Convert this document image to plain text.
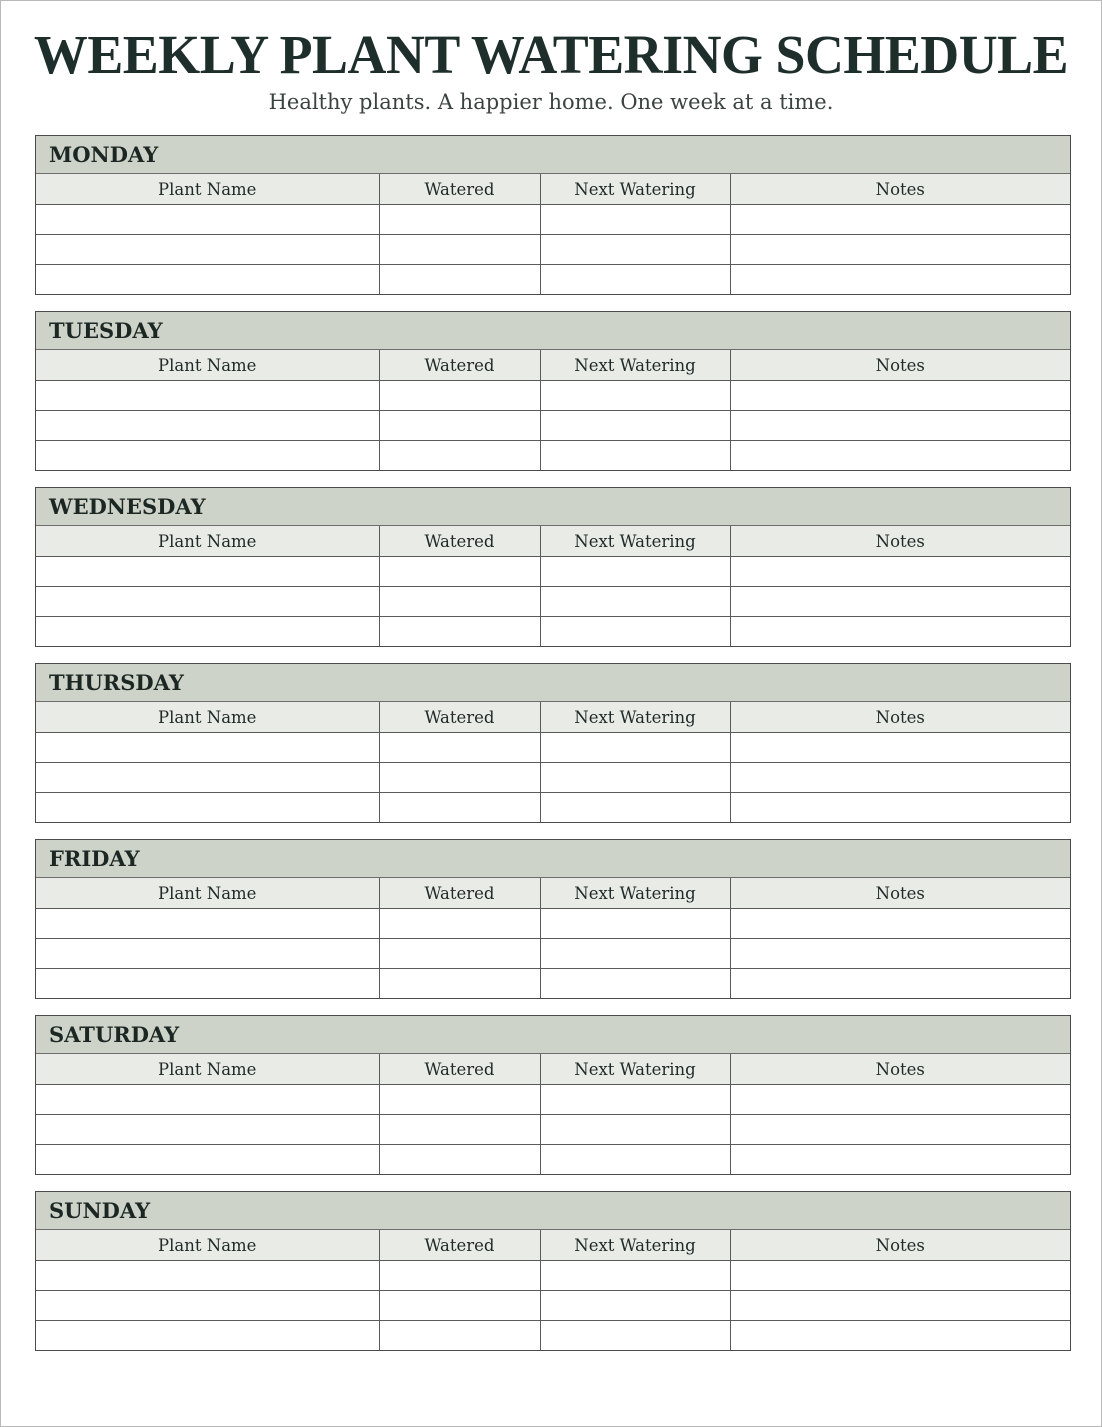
WEEKLY PLANT WATERING SCHEDULE
Healthy plants. A happier home. One week at a time.
MONDAY
Plant Name	Watered	Next Watering	Notes

TUESDAY
Plant Name	Watered	Next Watering	Notes

WEDNESDAY
Plant Name	Watered	Next Watering	Notes

THURSDAY
Plant Name	Watered	Next Watering	Notes

FRIDAY
Plant Name	Watered	Next Watering	Notes

SATURDAY
Plant Name	Watered	Next Watering	Notes

SUNDAY
Plant Name	Watered	Next Watering	Notes
